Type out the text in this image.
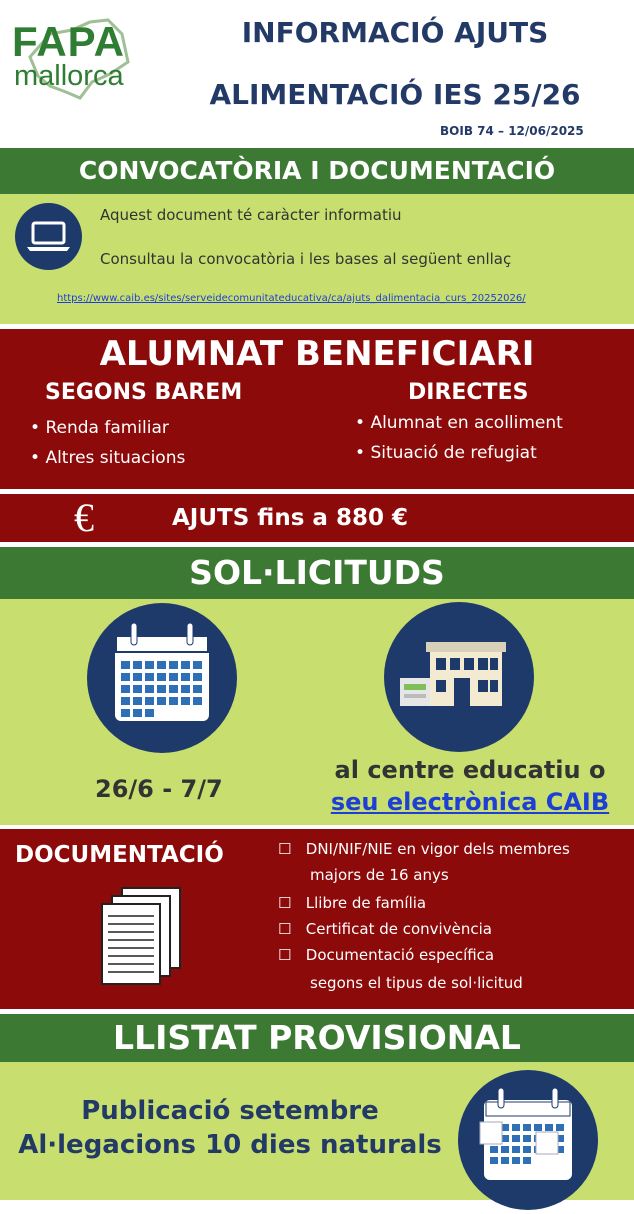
FAPA
mallorca
INFORMACIÓ AJUTS
ALIMENTACIÓ IES 25/26
BOIB 74 – 12/06/2025
CONVOCATÒRIA I DOCUMENTACIÓ
Aquest document té caràcter informatiu
Consultau la convocatòria i les bases al següent enllaç
https://www.caib.es/sites/serveidecomunitateducativa/ca/ajuts_dalimentacia_curs_20252026/
ALUMNAT BENEFICIARI
SEGONS BAREM
• Renda familiar
• Altres situacions
DIRECTES
• Alumnat en acolliment
• Situació de refugiat
€	AJUTS fins a 880 €
SOL·LICITUDS
26/6 - 7/7
al centre educatiu o
seu electrònica CAIB
DOCUMENTACIÓ	☐   DNI/NIF/NIE en vigor dels membres
majors de 16 anys
☐   Llibre de família
☐   Certificat de convivència
☐   Documentació específica
segons el tipus de sol·licitud
LLISTAT PROVISIONAL
Publicació setembre
Al·legacions 10 dies naturals
